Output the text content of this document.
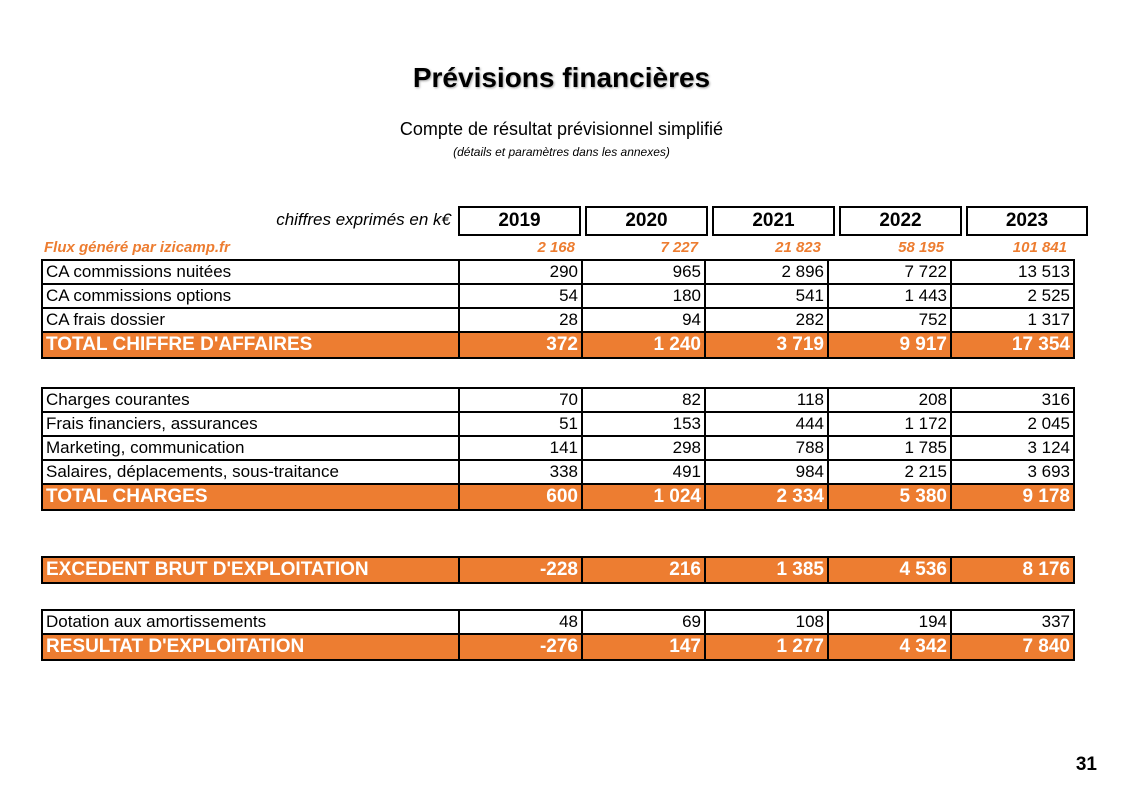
Prévisions financières
Compte de résultat prévisionnel simplifié
(détails et paramètres dans les annexes)
chiffres exprimés en k€	2019	2020	2021	2022	2023
Flux généré par izicamp.fr	2 168	7 227	21 823	58 195	101 841
CA commissions nuitées	290	965	2 896	7 722	13 513
CA commissions options	54	180	541	1 443	2 525
CA frais dossier	28	94	282	752	1 317
TOTAL CHIFFRE D'AFFAIRES	372	1 240	3 719	9 917	17 354
Charges courantes	70	82	118	208	316
Frais financiers, assurances	51	153	444	1 172	2 045
Marketing, communication	141	298	788	1 785	3 124
Salaires, déplacements, sous-traitance	338	491	984	2 215	3 693
TOTAL CHARGES	600	1 024	2 334	5 380	9 178
EXCEDENT BRUT D'EXPLOITATION	-228	216	1 385	4 536	8 176
Dotation aux amortissements	48	69	108	194	337
RESULTAT D'EXPLOITATION	-276	147	1 277	4 342	7 840
31
